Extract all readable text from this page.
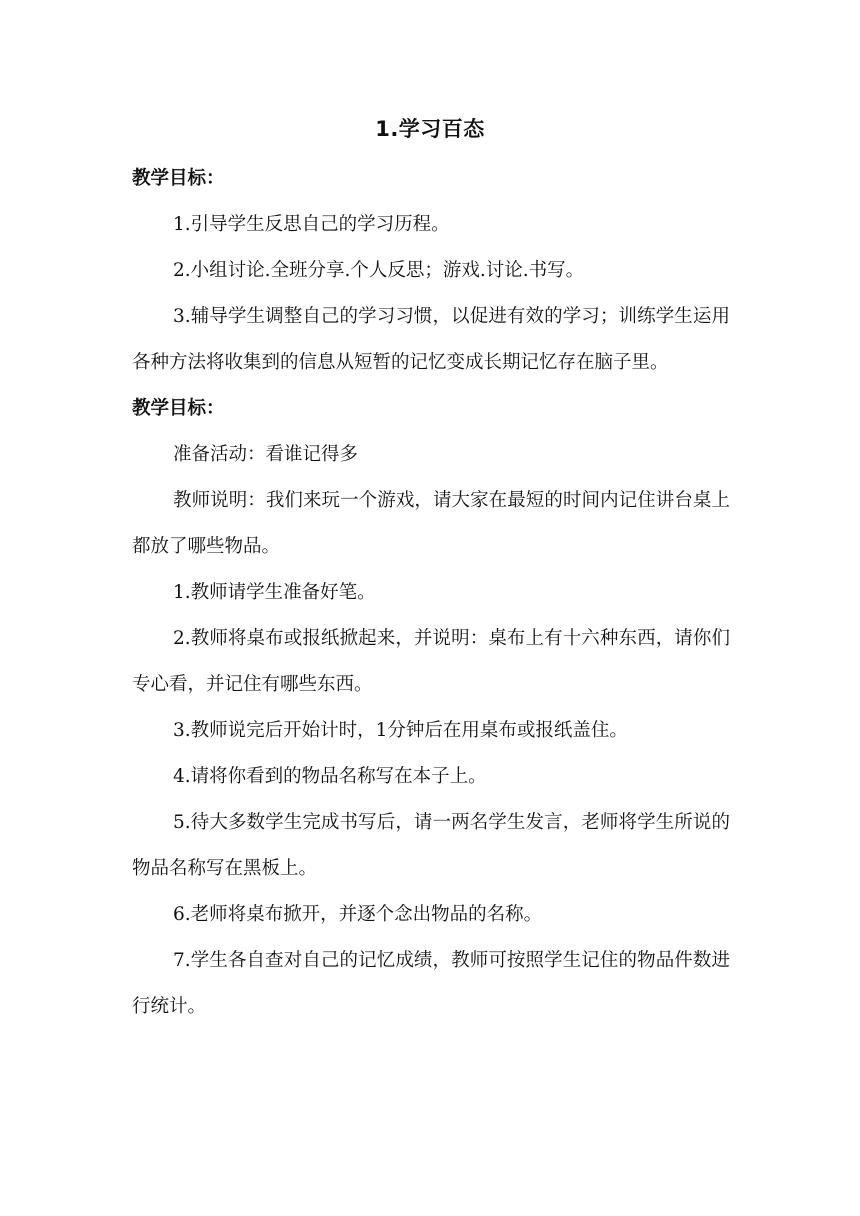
1.学习百态

教学目标：

1.引导学生反思自己的学习历程。

2.小组讨论.全班分享.个人反思；游戏.讨论.书写。

3.辅导学生调整自己的学习习惯，以促进有效的学习；训练学生运用各种方法将收集到的信息从短暂的记忆变成长期记忆存在脑子里。

教学目标：

准备活动：看谁记得多

教师说明：我们来玩一个游戏，请大家在最短的时间内记住讲台桌上都放了哪些物品。

1.教师请学生准备好笔。

2.教师将桌布或报纸掀起来，并说明：桌布上有十六种东西，请你们专心看，并记住有哪些东西。

3.教师说完后开始计时，1分钟后在用桌布或报纸盖住。

4.请将你看到的物品名称写在本子上。

5.待大多数学生完成书写后，请一两名学生发言，老师将学生所说的物品名称写在黑板上。

6.老师将桌布掀开，并逐个念出物品的名称。

7.学生各自查对自己的记忆成绩，教师可按照学生记住的物品件数进行统计。
